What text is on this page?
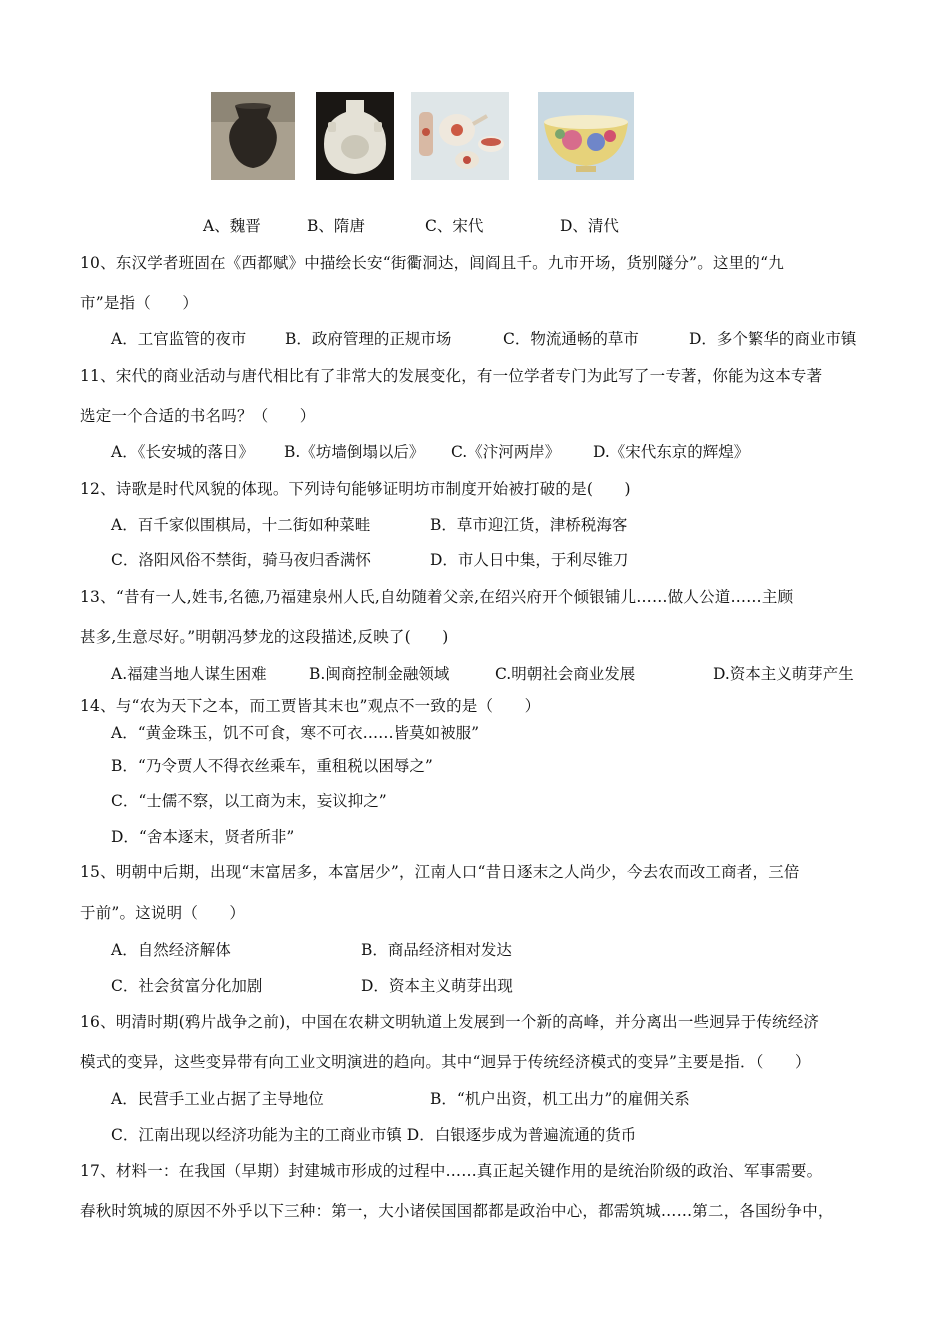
A、魏晋	B、隋唐	C、宋代	D、清代
10、东汉学者班固在《西都赋》中描绘长安“街衢洞达，闾阎且千。九市开场，货别隧分”。这里的“九
市”是指（　　）
A．工官监管的夜市	B．政府管理的正规市场	C．物流通畅的草市	D．多个繁华的商业市镇
11、宋代的商业活动与唐代相比有了非常大的发展变化，有一位学者专门为此写了一专著，你能为这本专著
选定一个合适的书名吗？（　　）
A．《长安城的落日》 B.《坊墙倒塌以后》 C.《汴河两岸》 D.《宋代东京的辉煌》
12、诗歌是时代风貌的体现。下列诗句能够证明坊市制度开始被打破的是(　　)
A．百千家似围棋局，十二街如种菜畦	B．草市迎江货，津桥税海客
C．洛阳风俗不禁街，骑马夜归香满怀	D．市人日中集，于利尽锥刀
13、“昔有一人,姓韦,名德,乃福建泉州人氏,自幼随着父亲,在绍兴府开个倾银铺儿……做人公道……主顾
甚多,生意尽好。”明朝冯梦龙的这段描述,反映了(　　)
A.福建当地人谋生困难	B.闽商控制金融领域	C.明朝社会商业发展	D.资本主义萌芽产生
14、与“农为天下之本，而工贾皆其末也”观点不一致的是（　　）
A．“黄金珠玉，饥不可食，寒不可衣……皆莫如被服”
B．“乃令贾人不得衣丝乘车，重租税以困辱之”
C．“士儒不察，以工商为末，妄议抑之”
D．“舍本逐末，贤者所非”
15、明朝中后期，出现“末富居多，本富居少”，江南人口“昔日逐末之人尚少，今去农而改工商者，三倍
于前”。这说明（　　）
A．自然经济解体	B．商品经济相对发达
C．社会贫富分化加剧	D．资本主义萌芽出现
16、明清时期(鸦片战争之前)，中国在农耕文明轨道上发展到一个新的高峰，并分离出一些迥异于传统经济
模式的变异，这些变异带有向工业文明演进的趋向。其中“迥异于传统经济模式的变异”主要是指．（　　）
A．民营手工业占据了主导地位	B．“机户出资，机工出力”的雇佣关系
C．江南出现以经济功能为主的工商业市镇 D．白银逐步成为普遍流通的货币
17、材料一：在我国（早期）封建城市形成的过程中……真正起关键作用的是统治阶级的政治、军事需要。
春秋时筑城的原因不外乎以下三种：第一，大小诸侯国国都都是政治中心，都需筑城……第二，各国纷争中，
